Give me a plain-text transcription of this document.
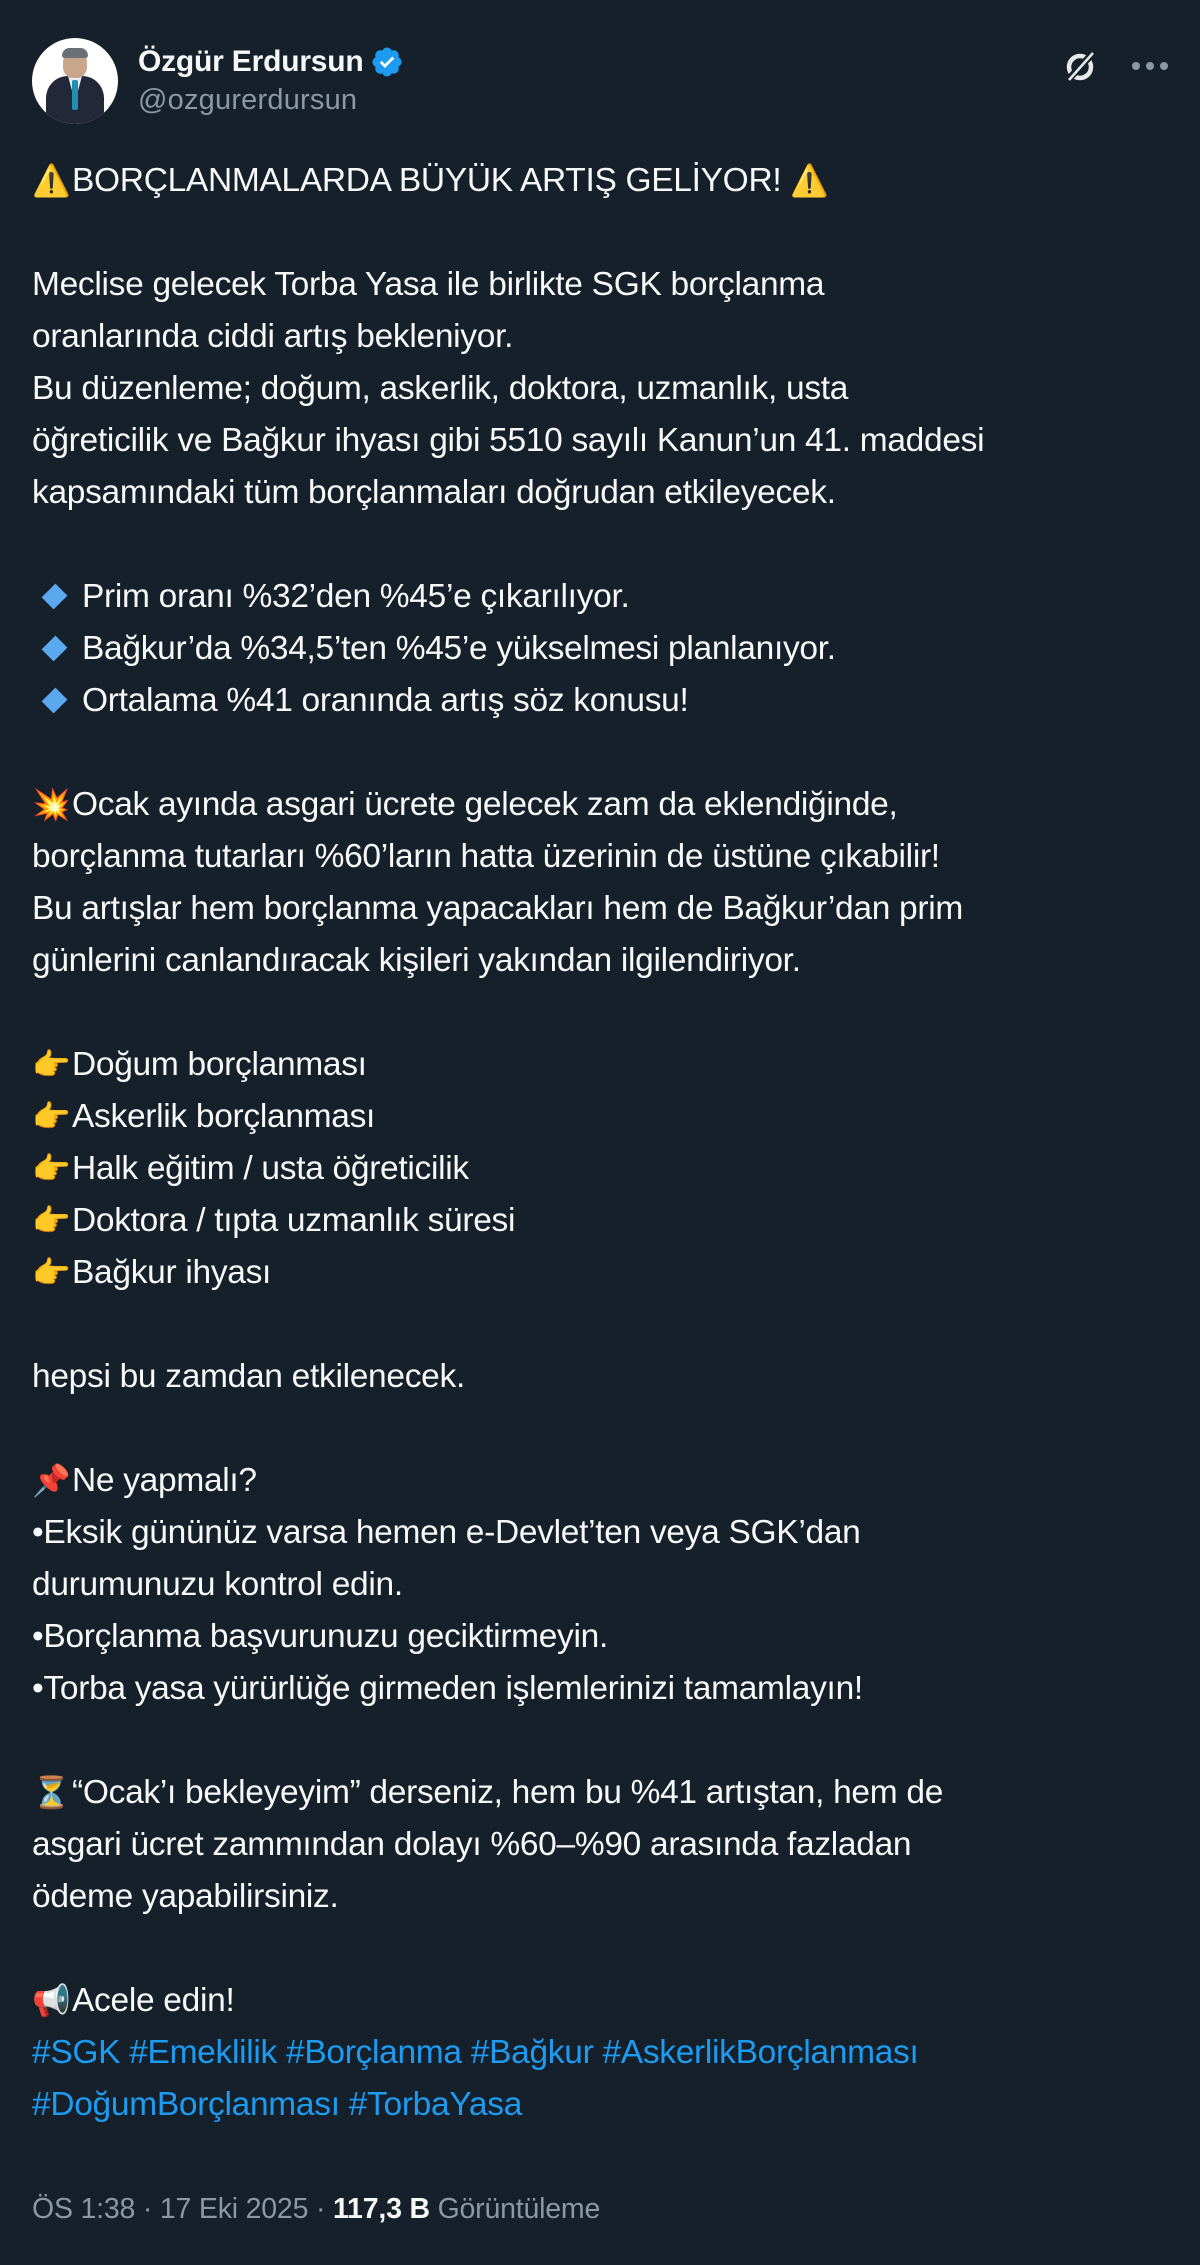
Özgür Erdursun
@ozgurerdursun
⚠️BORÇLANMALARDA BÜYÜK ARTIŞ GELİYOR! ⚠️
Meclise gelecek Torba Yasa ile birlikte SGK borçlanma
oranlarında ciddi artış bekleniyor.
Bu düzenleme; doğum, askerlik, doktora, uzmanlık, usta
öğreticilik ve Bağkur ihyası gibi 5510 sayılı Kanun’un 41. maddesi
kapsamındaki tüm borçlanmaları doğrudan etkileyecek.
Prim oranı %32’den %45’e çıkarılıyor.
Bağkur’da %34,5’ten %45’e yükselmesi planlanıyor.
Ortalama %41 oranında artış söz konusu!
💥Ocak ayında asgari ücrete gelecek zam da eklendiğinde,
borçlanma tutarları %60’ların hatta üzerinin de üstüne çıkabilir!
Bu artışlar hem borçlanma yapacakları hem de Bağkur’dan prim
günlerini canlandıracak kişileri yakından ilgilendiriyor.
👉Doğum borçlanması
👉Askerlik borçlanması
👉Halk eğitim / usta öğreticilik
👉Doktora / tıpta uzmanlık süresi
👉Bağkur ihyası
hepsi bu zamdan etkilenecek.
📌Ne yapmalı?
•Eksik gününüz varsa hemen e-Devlet’ten veya SGK’dan
durumunuzu kontrol edin.
•Borçlanma başvurunuzu geciktirmeyin.
•Torba yasa yürürlüğe girmeden işlemlerinizi tamamlayın!
⏳“Ocak’ı bekleyeyim” derseniz, hem bu %41 artıştan, hem de
asgari ücret zammından dolayı %60–%90 arasında fazladan
ödeme yapabilirsiniz.
📢Acele edin!
#SGK #Emeklilik #Borçlanma #Bağkur #AskerlikBorçlanması
#DoğumBorçlanması #TorbaYasa
ÖS 1:38 · 17 Eki 2025 · 117,3 B Görüntüleme
